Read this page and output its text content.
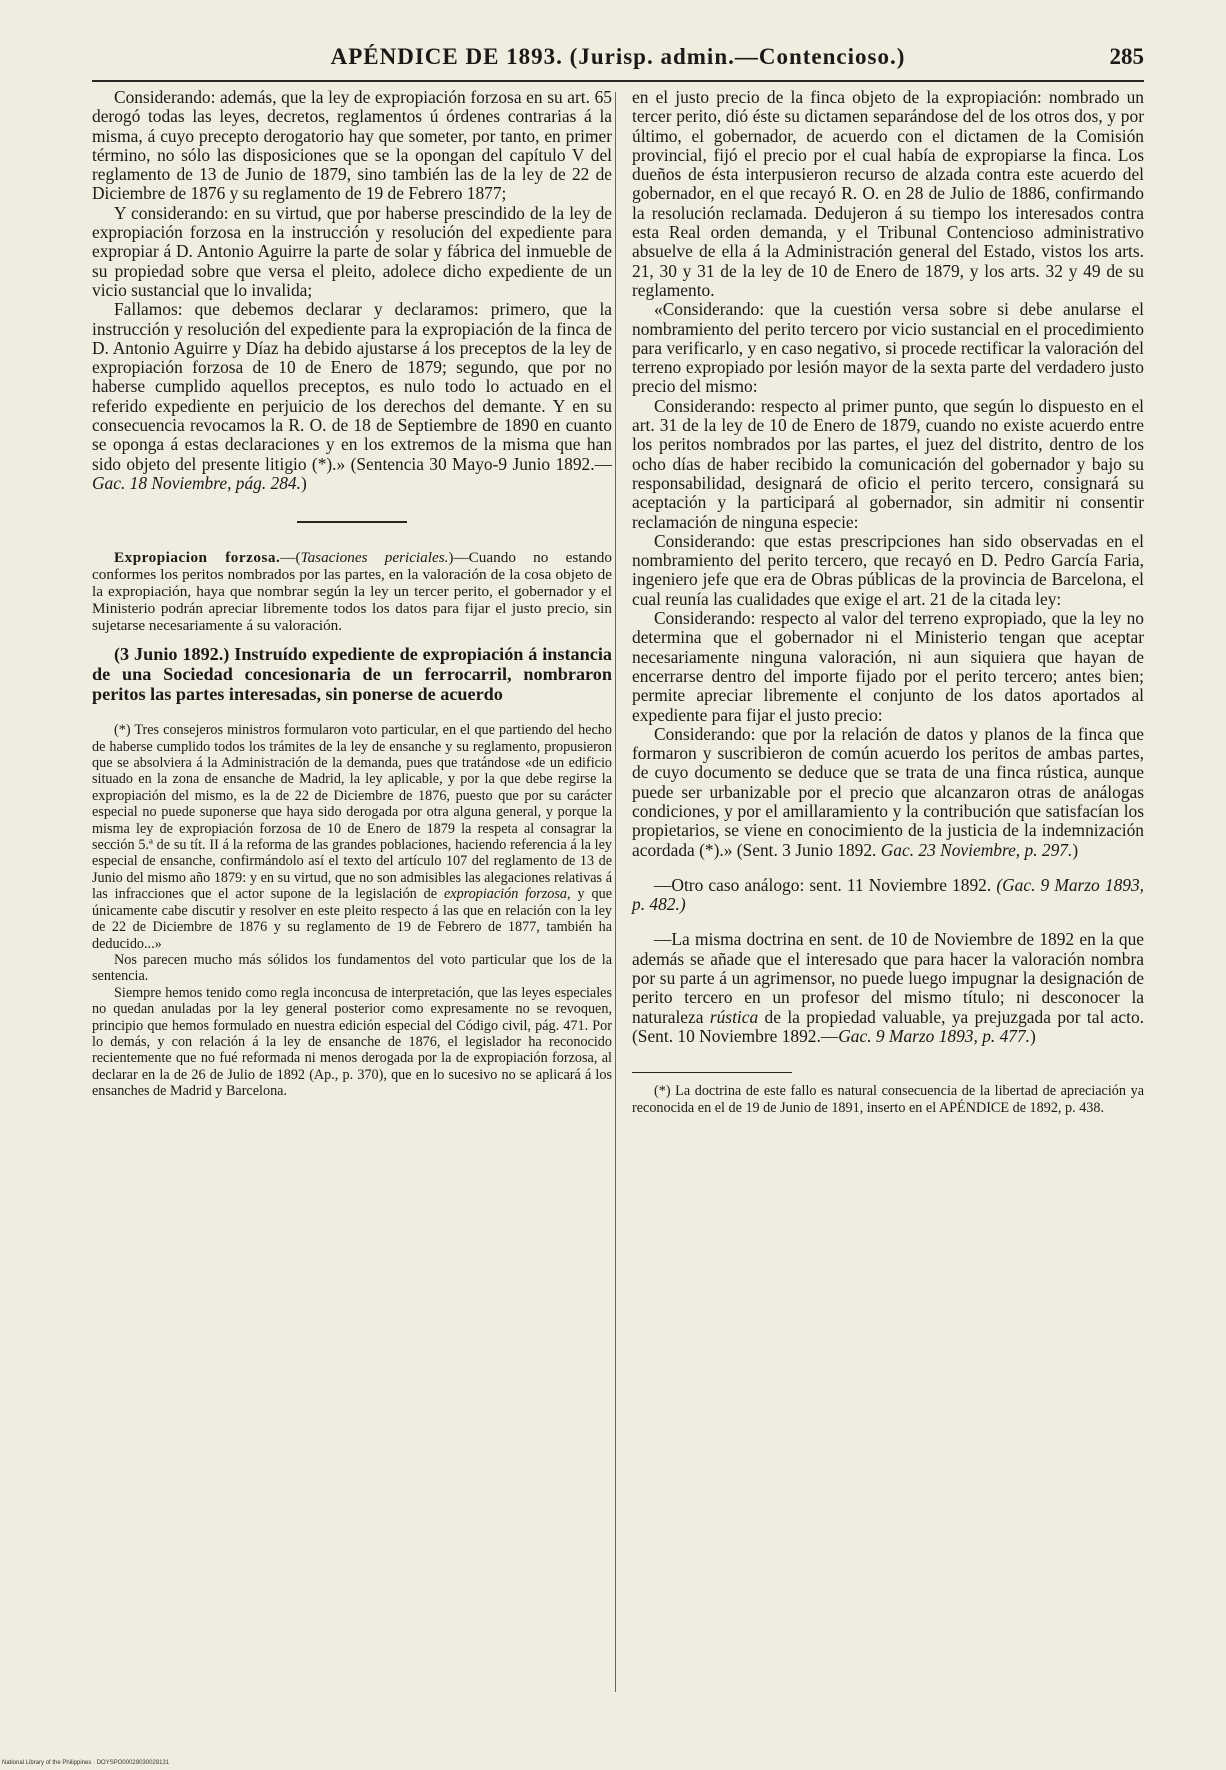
APÉNDICE DE 1893. (Jurisp. admin.—Contencioso.)	285

Considerando: además, que la ley de expropiación forzosa en su art. 65 derogó todas las leyes, decretos, reglamentos ú órdenes contrarias á la misma, á cuyo precepto derogatorio hay que someter, por tanto, en primer término, no sólo las disposiciones que se la opongan del capítulo V del reglamento de 13 de Junio de 1879, sino también las de la ley de 22 de Diciembre de 1876 y su reglamento de 19 de Febrero 1877;

Y considerando: en su virtud, que por haberse prescindido de la ley de expropiación forzosa en la instrucción y resolución del expediente para expropiar á D. Antonio Aguirre la parte de solar y fábrica del inmueble de su propiedad sobre que versa el pleito, adolece dicho expediente de un vicio sustancial que lo invalida;

Fallamos: que debemos declarar y declaramos: primero, que la instrucción y resolución del expediente para la expropiación de la finca de D. Antonio Aguirre y Díaz ha debido ajustarse á los preceptos de la ley de expropiación forzosa de 10 de Enero de 1879; segundo, que por no haberse cumplido aquellos preceptos, es nulo todo lo actuado en el referido expediente en perjuicio de los derechos del demante. Y en su consecuencia revocamos la R. O. de 18 de Septiembre de 1890 en cuanto se oponga á estas declaraciones y en los extremos de la misma que han sido objeto del presente litigio (*).» (Sentencia 30 Mayo-9 Junio 1892.—Gac. 18 Noviembre, pág. 284.)

Expropiacion forzosa.—(Tasaciones periciales.)—Cuando no estando conformes los peritos nombrados por las partes, en la valoración de la cosa objeto de la expropiación, haya que nombrar según la ley un tercer perito, el gobernador y el Ministerio podrán apreciar libremente todos los datos para fijar el justo precio, sin sujetarse necesariamente á su valoración.

(3 Junio 1892.) Instruído expediente de expropiación á instancia de una Sociedad concesionaria de un ferrocarril, nombraron peritos las partes interesadas, sin ponerse de acuerdo

(*) Tres consejeros ministros formularon voto particular, en el que partiendo del hecho de haberse cumplido todos los trámites de la ley de ensanche y su reglamento, propusieron que se absolviera á la Administración de la demanda, pues que tratándose «de un edificio situado en la zona de ensanche de Madrid, la ley aplicable, y por la que debe regirse la expropiación del mismo, es la de 22 de Diciembre de 1876, puesto que por su carácter especial no puede suponerse que haya sido derogada por otra alguna general, y porque la misma ley de expropiación forzosa de 10 de Enero de 1879 la respeta al consagrar la sección 5.ª de su tít. II á la reforma de las grandes poblaciones, haciendo referencia á la ley especial de ensanche, confirmándolo así el texto del artículo 107 del reglamento de 13 de Junio del mismo año 1879: y en su virtud, que no son admisibles las alegaciones relativas á las infracciones que el actor supone de la legislación de expropiación forzosa, y que únicamente cabe discutir y resolver en este pleito respecto á las que en relación con la ley de 22 de Diciembre de 1876 y su reglamento de 19 de Febrero de 1877, también ha deducido...»

Nos parecen mucho más sólidos los fundamentos del voto particular que los de la sentencia.

Siempre hemos tenido como regla inconcusa de interpretación, que las leyes especiales no quedan anuladas por la ley general posterior como expresamente no se revoquen, principio que hemos formulado en nuestra edición especial del Código civil, pág. 471. Por lo demás, y con relación á la ley de ensanche de 1876, el legislador ha reconocido recientemente que no fué reformada ni menos derogada por la de expropiación forzosa, al declarar en la de 26 de Julio de 1892 (Ap., p. 370), que en lo sucesivo no se aplicará á los ensanches de Madrid y Barcelona.

en el justo precio de la finca objeto de la expropiación: nombrado un tercer perito, dió éste su dictamen separándose del de los otros dos, y por último, el gobernador, de acuerdo con el dictamen de la Comisión provincial, fijó el precio por el cual había de expropiarse la finca. Los dueños de ésta interpusieron recurso de alzada contra este acuerdo del gobernador, en el que recayó R. O. en 28 de Julio de 1886, confirmando la resolución reclamada. Dedujeron á su tiempo los interesados contra esta Real orden demanda, y el Tribunal Contencioso administrativo absuelve de ella á la Administración general del Estado, vistos los arts. 21, 30 y 31 de la ley de 10 de Enero de 1879, y los arts. 32 y 49 de su reglamento.

«Considerando: que la cuestión versa sobre si debe anularse el nombramiento del perito tercero por vicio sustancial en el procedimiento para verificarlo, y en caso negativo, si procede rectificar la valoración del terreno expropiado por lesión mayor de la sexta parte del verdadero justo precio del mismo:

Considerando: respecto al primer punto, que según lo dispuesto en el art. 31 de la ley de 10 de Enero de 1879, cuando no existe acuerdo entre los peritos nombrados por las partes, el juez del distrito, dentro de los ocho días de haber recibido la comunicación del gobernador y bajo su responsabilidad, designará de oficio el perito tercero, consignará su aceptación y la participará al gobernador, sin admitir ni consentir reclamación de ninguna especie:

Considerando: que estas prescripciones han sido observadas en el nombramiento del perito tercero, que recayó en D. Pedro García Faria, ingeniero jefe que era de Obras públicas de la provincia de Barcelona, el cual reunía las cualidades que exige el art. 21 de la citada ley:

Considerando: respecto al valor del terreno expropiado, que la ley no determina que el gobernador ni el Ministerio tengan que aceptar necesariamente ninguna valoración, ni aun siquiera que hayan de encerrarse dentro del importe fijado por el perito tercero; antes bien; permite apreciar libremente el conjunto de los datos aportados al expediente para fijar el justo precio:

Considerando: que por la relación de datos y planos de la finca que formaron y suscribieron de común acuerdo los peritos de ambas partes, de cuyo documento se deduce que se trata de una finca rústica, aunque puede ser urbanizable por el precio que alcanzaron otras de análogas condiciones, y por el amillaramiento y la contribución que satisfacían los propietarios, se viene en conocimiento de la justicia de la indemnización acordada (*).» (Sent. 3 Junio 1892. Gac. 23 Noviembre, p. 297.)

—Otro caso análogo: sent. 11 Noviembre 1892. (Gac. 9 Marzo 1893, p. 482.)

—La misma doctrina en sent. de 10 de Noviembre de 1892 en la que además se añade que el interesado que para hacer la valoración nombra por su parte á un agrimensor, no puede luego impugnar la designación de perito tercero en un profesor del mismo título; ni desconocer la naturaleza rústica de la propiedad valuable, ya prejuzgada por tal acto. (Sent. 10 Noviembre 1892.—Gac. 9 Marzo 1893, p. 477.)

(*) La doctrina de este fallo es natural consecuencia de la libertad de apreciación ya reconocida en el de 19 de Junio de 1891, inserto en el APÉNDICE de 1892, p. 438.

National Library of the Philippines · DOYSPO00029030028131
